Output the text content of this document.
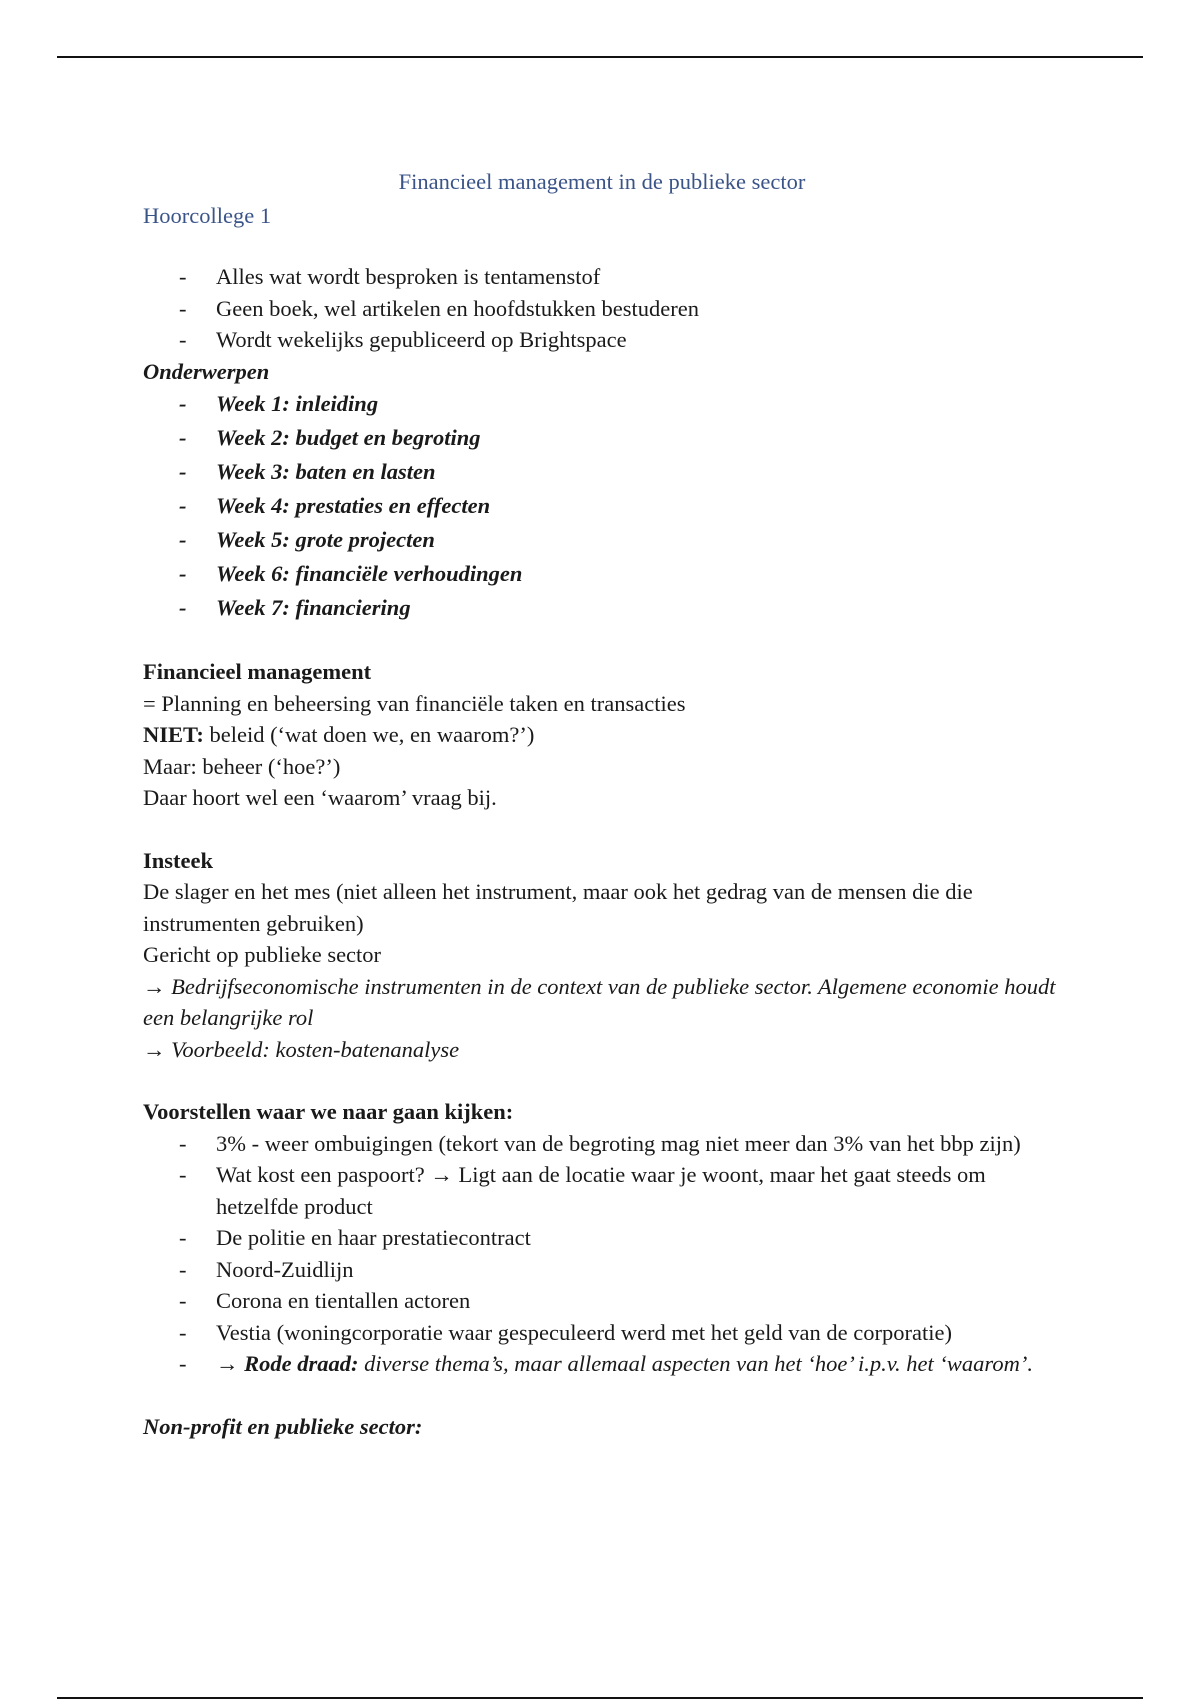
Financieel management in de publieke sector
Hoorcollege 1
- Alles wat wordt besproken is tentamenstof
- Geen boek, wel artikelen en hoofdstukken bestuderen
- Wordt wekelijks gepubliceerd op Brightspace
Onderwerpen
- Week 1: inleiding
- Week 2: budget en begroting
- Week 3: baten en lasten
- Week 4: prestaties en effecten
- Week 5: grote projecten
- Week 6: financiële verhoudingen
- Week 7: financiering
Financieel management

= Planning en beheersing van financiële taken en transacties

NIET: beleid (‘wat doen we, en waarom?’)

Maar: beheer (‘hoe?’)

Daar hoort wel een ‘waarom’ vraag bij.

Insteek

De slager en het mes (niet alleen het instrument, maar ook het gedrag van de mensen die die instrumenten gebruiken)

Gericht op publieke sector

→ Bedrijfseconomische instrumenten in de context van de publieke sector. Algemene economie houdt een belangrijke rol

→ Voorbeeld: kosten-batenanalyse

Voorstellen waar we naar gaan kijken:
- 3% - weer ombuigingen (tekort van de begroting mag niet meer dan 3% van het bbp zijn)
- Wat kost een paspoort? → Ligt aan de locatie waar je woont, maar het gaat steeds om hetzelfde product
- De politie en haar prestatiecontract
- Noord-Zuidlijn
- Corona en tientallen actoren
- Vestia (woningcorporatie waar gespeculeerd werd met het geld van de corporatie)
- → Rode draad: diverse thema’s, maar allemaal aspecten van het ‘hoe’ i.p.v. het ‘waarom’.
Non-profit en publieke sector:
